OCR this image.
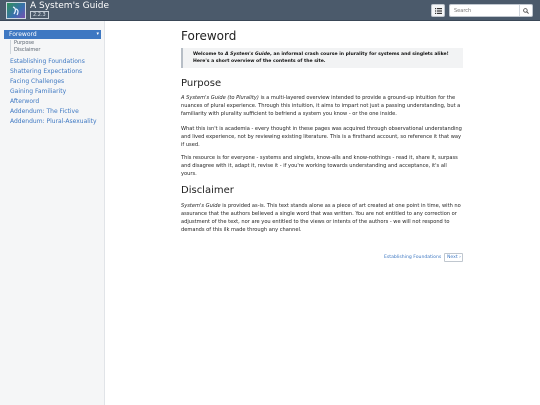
A System's Guide
2.2.3
Search
Foreword	▾
Purpose
Disclaimer
Establishing Foundations
Shattering Expectations
Facing Challenges
Gaining Familiarity
Afterword
Addendum: The Fictive
Addendum: Plural-Asexuality
Foreword
Welcome to A System's Guide, an informal crash course in plurality for systems and singlets alike!
Here's a short overview of the contents of the site.
Purpose

A System's Guide (to Plurality) is a multi-layered overview intended to provide a ground-up intuition for the nuances of plural experience. Through this intuition, it aims to impart not just a passing understanding, but a familiarity with plurality sufficient to befriend a system you know - or the one inside.

What this isn't is academia - every thought in these pages was acquired through observational understanding and lived experience, not by reviewing existing literature. This is a firsthand account, so reference it that way if used.

This resource is for everyone - systems and singlets, know-alls and know-nothings - read it, share it, surpass and disagree with it, adapt it, revise it - if you're working towards understanding and acceptance, it's all yours.

Disclaimer

System's Guide is provided as-is. This text stands alone as a piece of art created at one point in time, with no assurance that the authors believed a single word that was written. You are not entitled to any correction or adjustment of the text, nor are you entitled to the views or intents of the authors - we will not respond to demands of this ilk made through any channel.

Establishing Foundations	Next ›
